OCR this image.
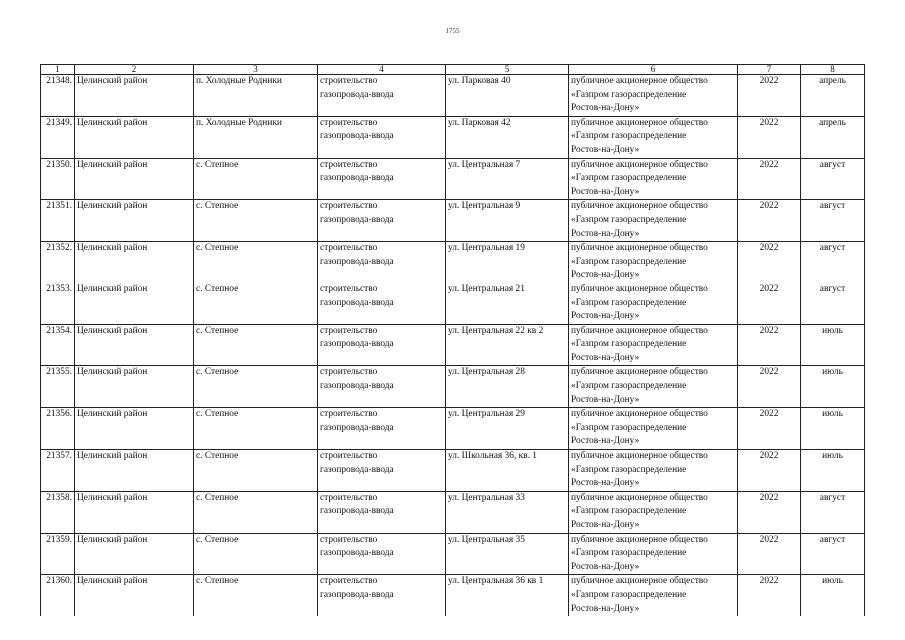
1755
1	2	3	4	5	6	7	8
21348.	Целинский район	п. Холодные Родники	строительство
газопровода-ввода	ул. Парковая 40	публичное акционерное общество
«Газпром газораспределение
Ростов-на-Дону»	2022	апрель
21349.	Целинский район	п. Холодные Родники	строительство
газопровода-ввода	ул. Парковая 42	публичное акционерное общество
«Газпром газораспределение
Ростов-на-Дону»	2022	апрель
21350.	Целинский район	с. Степное	строительство
газопровода-ввода	ул. Центральная 7	публичное акционерное общество
«Газпром газораспределение
Ростов-на-Дону»	2022	август
21351.	Целинский район	с. Степное	строительство
газопровода-ввода	ул. Центральная 9	публичное акционерное общество
«Газпром газораспределение
Ростов-на-Дону»	2022	август
21352.	Целинский район	с. Степное	строительство
газопровода-ввода	ул. Центральная 19	публичное акционерное общество
«Газпром газораспределение
Ростов-на-Дону»	2022	август
21353.	Целинский район	с. Степное	строительство
газопровода-ввода	ул. Центральная 21	публичное акционерное общество
«Газпром газораспределение
Ростов-на-Дону»	2022	август
21354.	Целинский район	с. Степное	строительство
газопровода-ввода	ул. Центральная 22 кв 2	публичное акционерное общество
«Газпром газораспределение
Ростов-на-Дону»	2022	июль
21355.	Целинский район	с. Степное	строительство
газопровода-ввода	ул. Центральная 28	публичное акционерное общество
«Газпром газораспределение
Ростов-на-Дону»	2022	июль
21356.	Целинский район	с. Степное	строительство
газопровода-ввода	ул. Центральная 29	публичное акционерное общество
«Газпром газораспределение
Ростов-на-Дону»	2022	июль
21357.	Целинский район	с. Степное	строительство
газопровода-ввода	ул. Школьная 36, кв. 1	публичное акционерное общество
«Газпром газораспределение
Ростов-на-Дону»	2022	июль
21358.	Целинский район	с. Степное	строительство
газопровода-ввода	ул. Центральная 33	публичное акционерное общество
«Газпром газораспределение
Ростов-на-Дону»	2022	август
21359.	Целинский район	с. Степное	строительство
газопровода-ввода	ул. Центральная 35	публичное акционерное общество
«Газпром газораспределение
Ростов-на-Дону»	2022	август
21360.	Целинский район	с. Степное	строительство
газопровода-ввода	ул. Центральная 36 кв 1	публичное акционерное общество
«Газпром газораспределение
Ростов-на-Дону»	2022	июль
